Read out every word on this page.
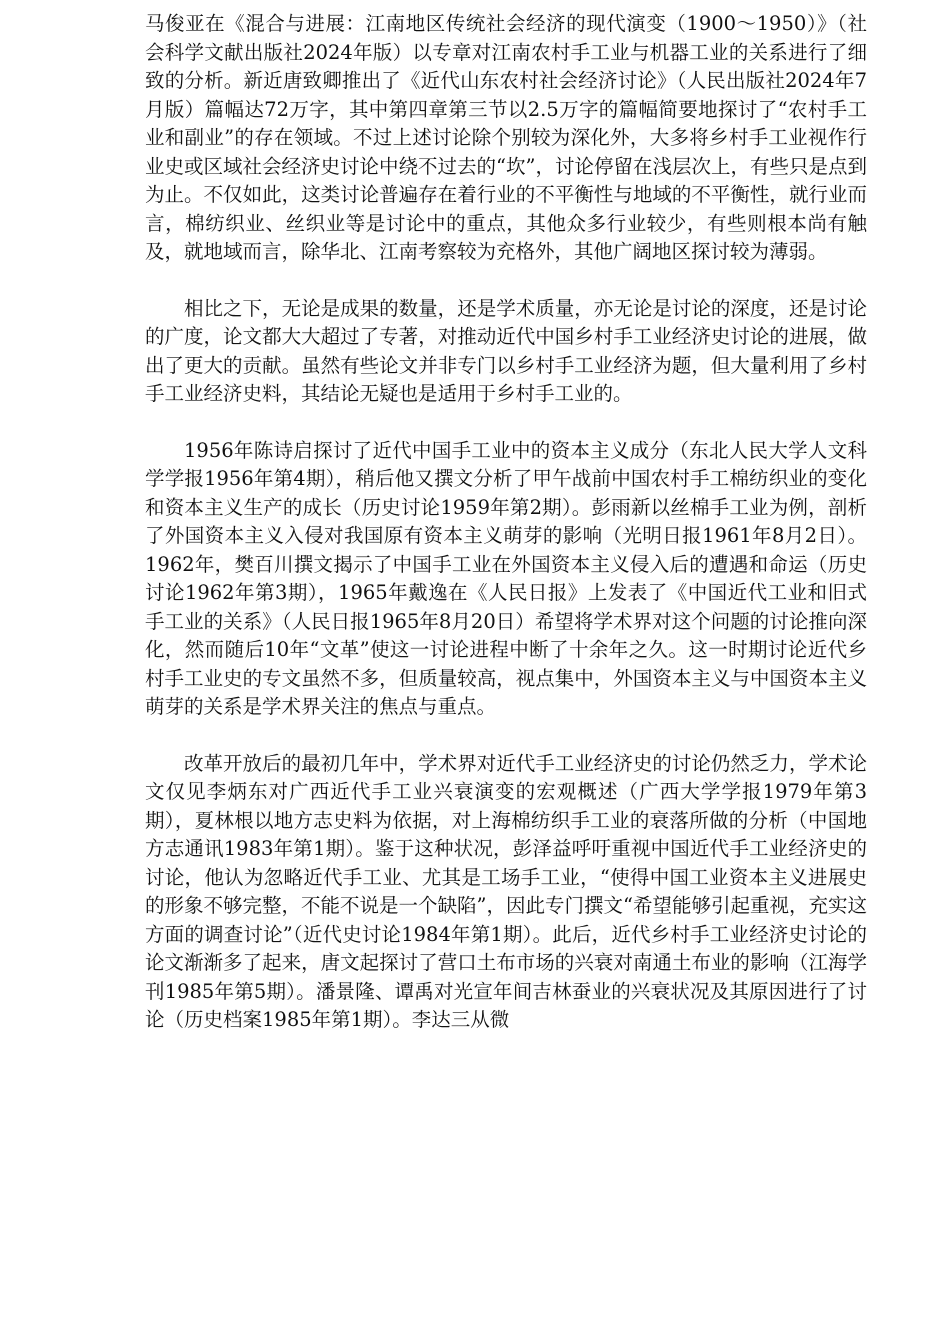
马俊亚在《混合与进展：江南地区传统社会经济的现代演变（1900～1950）》（社会科学文献出版社2024年版）以专章对江南农村手工业与机器工业的关系进行了细致的分析。新近唐致卿推出了《近代山东农村社会经济讨论》（人民出版社2024年7月版）篇幅达72万字，其中第四章第三节以2.5万字的篇幅简要地探讨了“农村手工业和副业”的存在领域。不过上述讨论除个别较为深化外，大多将乡村手工业视作行业史或区域社会经济史讨论中绕不过去的“坎”，讨论停留在浅层次上，有些只是点到为止。不仅如此，这类讨论普遍存在着行业的不平衡性与地域的不平衡性，就行业而言，棉纺织业、丝织业等是讨论中的重点，其他众多行业较少，有些则根本尚有触及，就地域而言，除华北、江南考察较为充格外，其他广阔地区探讨较为薄弱。

相比之下，无论是成果的数量，还是学术质量，亦无论是讨论的深度，还是讨论的广度，论文都大大超过了专著，对推动近代中国乡村手工业经济史讨论的进展，做出了更大的贡献。虽然有些论文并非专门以乡村手工业经济为题，但大量利用了乡村手工业经济史料，其结论无疑也是适用于乡村手工业的。

1956年陈诗启探讨了近代中国手工业中的资本主义成分（东北人民大学人文科学学报1956年第4期），稍后他又撰文分析了甲午战前中国农村手工棉纺织业的变化和资本主义生产的成长（历史讨论1959年第2期）。彭雨新以丝棉手工业为例，剖析了外国资本主义入侵对我国原有资本主义萌芽的影响（光明日报1961年8月2日）。1962年，樊百川撰文揭示了中国手工业在外国资本主义侵入后的遭遇和命运（历史讨论1962年第3期），1965年戴逸在《人民日报》上发表了《中国近代工业和旧式手工业的关系》（人民日报1965年8月20日）希望将学术界对这个问题的讨论推向深化，然而随后10年“文革”使这一讨论进程中断了十余年之久。这一时期讨论近代乡村手工业史的专文虽然不多，但质量较高，视点集中，外国资本主义与中国资本主义萌芽的关系是学术界关注的焦点与重点。

改革开放后的最初几年中，学术界对近代手工业经济史的讨论仍然乏力，学术论文仅见李炳东对广西近代手工业兴衰演变的宏观概述（广西大学学报1979年第3期），夏林根以地方志史料为依据，对上海棉纺织手工业的衰落所做的分析（中国地方志通讯1983年第1期）。鉴于这种状况，彭泽益呼吁重视中国近代手工业经济史的讨论，他认为忽略近代手工业、尤其是工场手工业，“使得中国工业资本主义进展史的形象不够完整，不能不说是一个缺陷”，因此专门撰文“希望能够引起重视，充实这方面的调查讨论”（近代史讨论1984年第1期）。此后，近代乡村手工业经济史讨论的论文渐渐多了起来，唐文起探讨了营口土布市场的兴衰对南通土布业的影响（江海学刊1985年第5期）。潘景隆、谭禹对光宣年间吉林蚕业的兴衰状况及其原因进行了讨论（历史档案1985年第1期）。李达三从微
